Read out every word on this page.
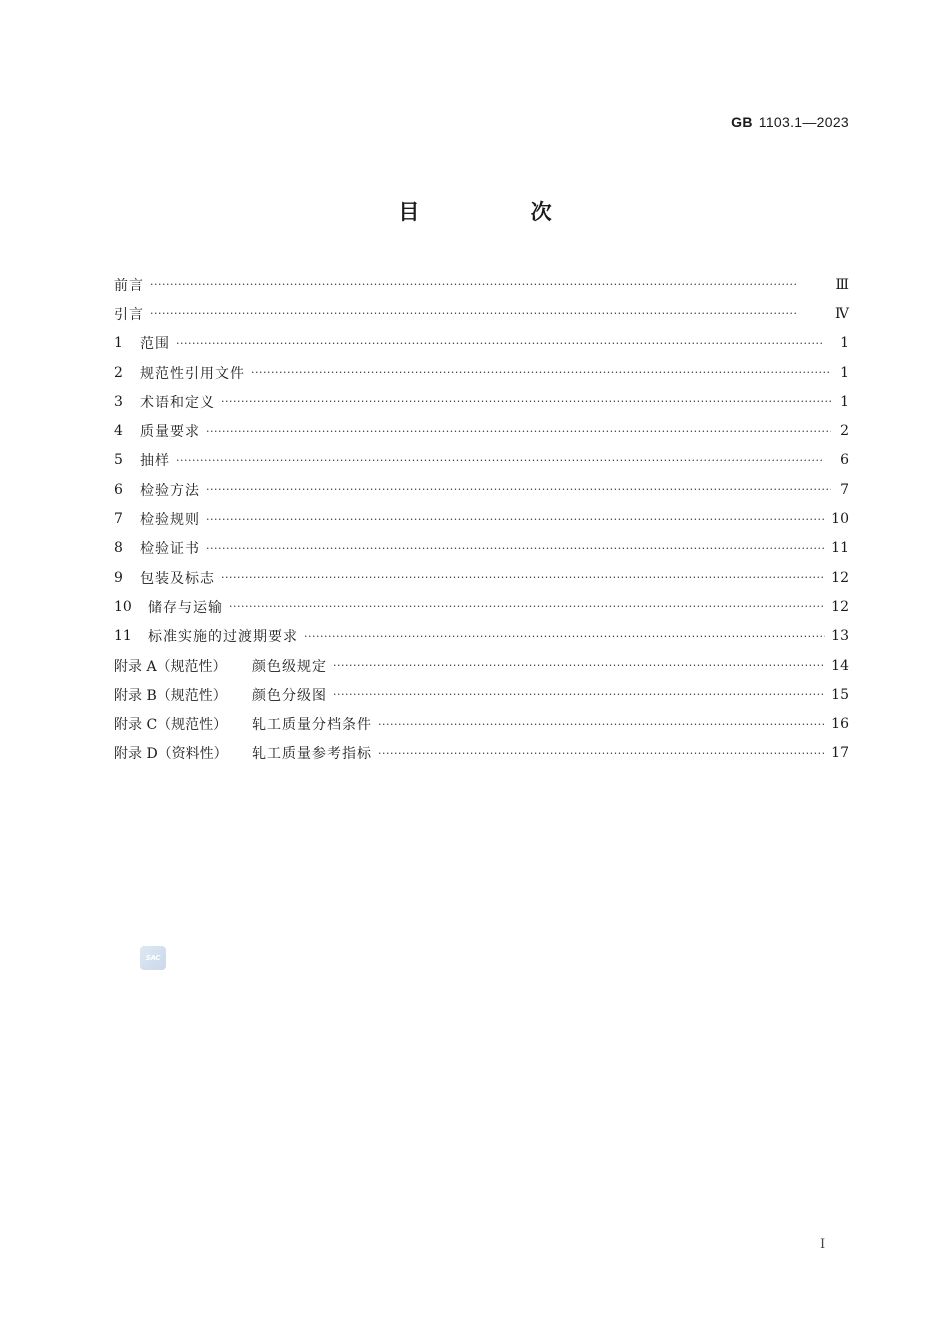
GB 1103.1—2023
目 次
前言 ·····	Ⅲ
引言 ·····	Ⅳ
1	范围 ·····	1
2	规范性引用文件 ·····	1
3	术语和定义 ·····	1
4	质量要求 ·····	2
5	抽样 ·····	6
6	检验方法 ·····	7
7	检验规则 ·····	10
8	检验证书 ·····	11
9	包装及标志 ·····	12
10	储存与运输 ·····	12
11	标准实施的过渡期要求 ·····	13
附录 A（规范性）	颜色级规定 ·····	14
附录 B（规范性）	颜色分级图 ·····	15
附录 C（规范性）	轧工质量分档条件 ·····	16
附录 D（资料性）	轧工质量参考指标 ·····	17
SAC
Ⅰ
